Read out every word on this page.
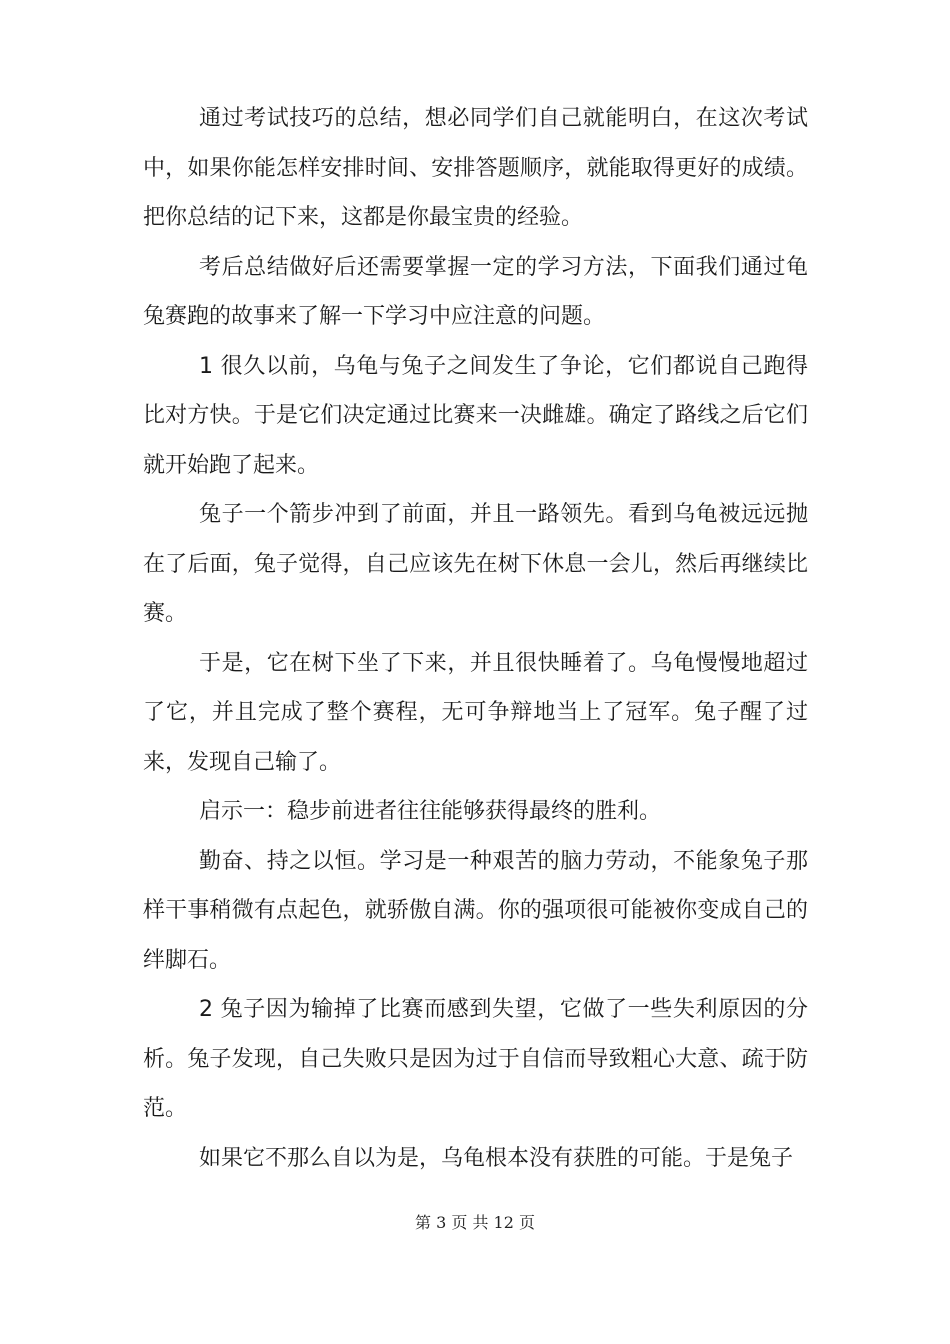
通过考试技巧的总结，想必同学们自己就能明白，在这次考试中，如果你能怎样安排时间、安排答题顺序，就能取得更好的成绩。把你总结的记下来，这都是你最宝贵的经验。

考后总结做好后还需要掌握一定的学习方法，下面我们通过龟兔赛跑的故事来了解一下学习中应注意的问题。

1 很久以前，乌龟与兔子之间发生了争论，它们都说自己跑得比对方快。于是它们决定通过比赛来一决雌雄。确定了路线之后它们就开始跑了起来。

兔子一个箭步冲到了前面，并且一路领先。看到乌龟被远远抛在了后面，兔子觉得，自己应该先在树下休息一会儿，然后再继续比赛。

于是，它在树下坐了下来，并且很快睡着了。乌龟慢慢地超过了它，并且完成了整个赛程，无可争辩地当上了冠军。兔子醒了过来，发现自己输了。

启示一：稳步前进者往往能够获得最终的胜利。

勤奋、持之以恒。学习是一种艰苦的脑力劳动，不能象兔子那样干事稍微有点起色，就骄傲自满。你的强项很可能被你变成自己的绊脚石。

2 兔子因为输掉了比赛而感到失望，它做了一些失利原因的分析。兔子发现，自己失败只是因为过于自信而导致粗心大意、疏于防范。

如果它不那么自以为是，乌龟根本没有获胜的可能。于是兔子

第 3 页 共 12 页
